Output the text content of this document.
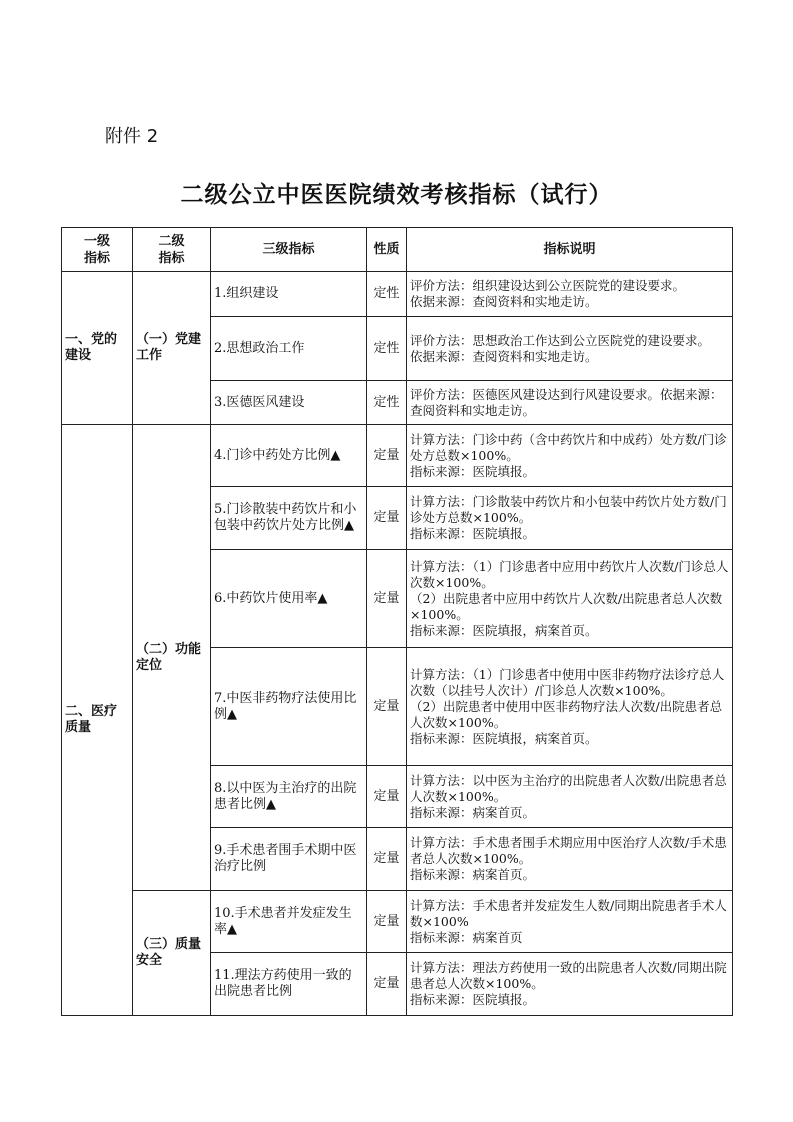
附件 2
二级公立中医医院绩效考核指标（试行）
一级
指标	二级
指标	三级指标	性质	指标说明
一、党的建设	（一）党建工作	1.组织建设	定性	评价方法：组织建设达到公立医院党的建设要求。
依据来源：查阅资料和实地走访。

		2.思想政治工作	定性	评价方法：思想政治工作达到公立医院党的建设要求。
依据来源：查阅资料和实地走访。

		3.医德医风建设	定性	评价方法：医德医风建设达到行风建设要求。依据来源：查阅资料和实地走访。

二、医疗质量	（二）功能定位	4.门诊中药处方比例▲	定量	计算方法：门诊中药（含中药饮片和中成药）处方数/门诊处方总数×100%。
指标来源：医院填报。

		5.门诊散装中药饮片和小包装中药饮片处方比例▲	定量	计算方法：门诊散装中药饮片和小包装中药饮片处方数/门诊处方总数×100%。
指标来源：医院填报。

		6.中药饮片使用率▲	定量	计算方法：（1）门诊患者中应用中药饮片人次数/门诊总人次数×100%。
（2）出院患者中应用中药饮片人次数/出院患者总人次数×100%。
指标来源：医院填报，病案首页。

		7.中医非药物疗法使用比例▲	定量	计算方法：（1）门诊患者中使用中医非药物疗法诊疗总人次数（以挂号人次计）/门诊总人次数×100%。
（2）出院患者中使用中医非药物疗法人次数/出院患者总人次数×100%。
指标来源：医院填报，病案首页。

		8.以中医为主治疗的出院患者比例▲	定量	计算方法：以中医为主治疗的出院患者人次数/出院患者总人次数×100%。
指标来源：病案首页。

		9.手术患者围手术期中医治疗比例	定量	计算方法：手术患者围手术期应用中医治疗人次数/手术患者总人次数×100%。
指标来源：病案首页。

	（三）质量安全	10.手术患者并发症发生率▲	定量	计算方法：手术患者并发症发生人数/同期出院患者手术人数×100%
指标来源：病案首页

		11.理法方药使用一致的出院患者比例	定量	计算方法：理法方药使用一致的出院患者人次数/同期出院患者总人次数×100%。
指标来源：医院填报。
